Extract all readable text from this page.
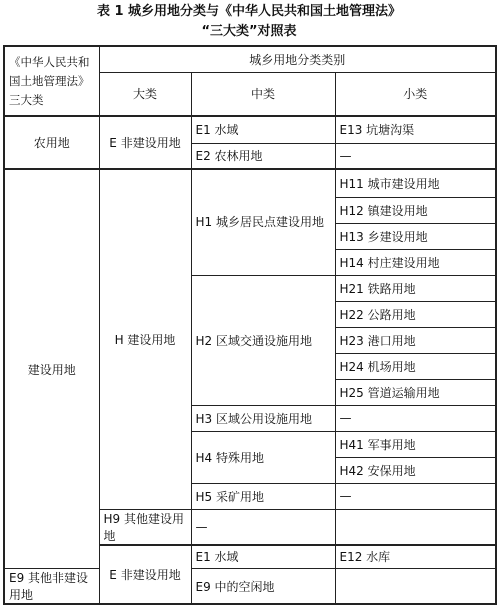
表 1 城乡用地分类与《中华人民共和国土地管理法》
“三大类”对照表
《中华人民共和国土地管理法》三大类	城乡用地分类类别		
	大类	中类	小类
农用地	E 非建设用地	E1 水域	E13 坑塘沟渠
		E2 农林用地	—
建设用地	H 建设用地	H1 城乡居民点建设用地	H11 城市建设用地
			H12 镇建设用地
			H13 乡建设用地
			H14 村庄建设用地
		H2 区域交通设施用地	H21 铁路用地
			H22 公路用地
			H23 港口用地
			H24 机场用地
			H25 管道运输用地
		H3 区域公用设施用地	—
		H4 特殊用地	H41 军事用地
			H42 安保用地
		H5 采矿用地	—
	H9 其他建设用地	—	
	E 非建设用地	E1 水域	E12 水库
E9 其他非建设用地		E9 中的空闲地	
